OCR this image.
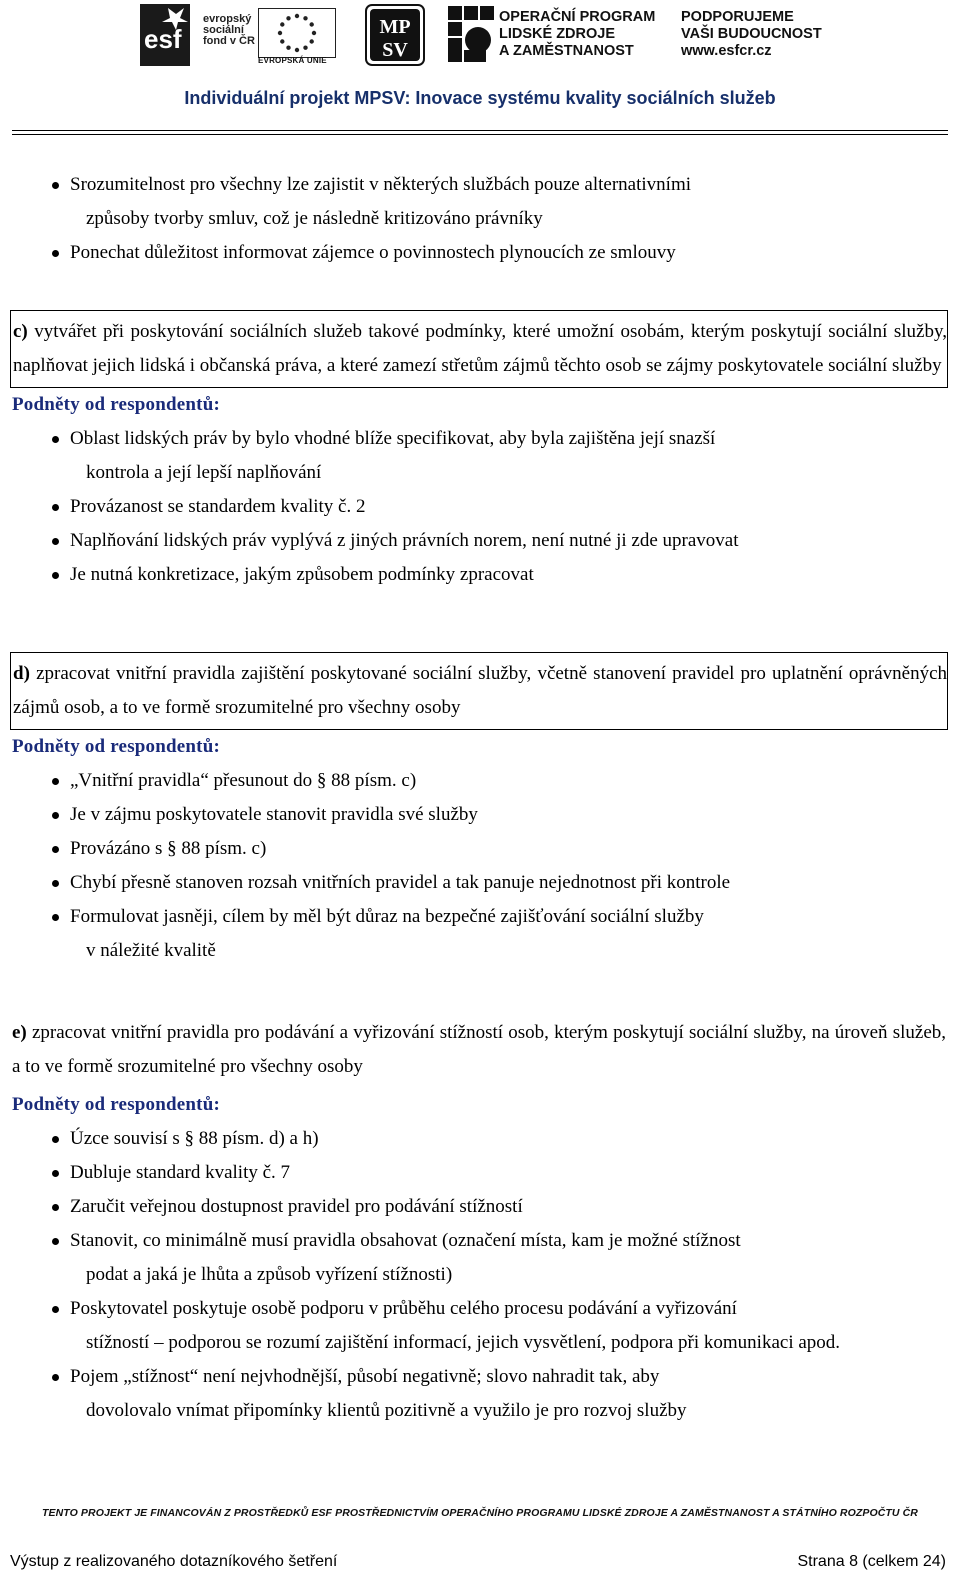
esf
evropský
sociální
fond v ČR
EVROPSKÁ UNIE
MP
SV
OPERAČNÍ PROGRAM
LIDSKÉ ZDROJE
A ZAMĚSTNANOST
PODPORUJEME
VAŠI BUDOUCNOST
www.esfcr.cz
Individuální projekt MPSV: Inovace systému kvality sociálních služeb
Srozumitelnost pro všechny lze zajistit v některých službách pouze alternativními
způsoby tvorby smluv, což je následně kritizováno právníky
Ponechat důležitost informovat zájemce o povinnostech plynoucích ze smlouvy
c) vytvářet při poskytování sociálních služeb takové podmínky, které umožní osobám, kterým poskytují sociální služby, naplňovat jejich lidská i občanská práva, a které zamezí střetům zájmů těchto osob se zájmy poskytovatele sociální služby

Podněty od respondentů:

Oblast lidských práv by bylo vhodné blíže specifikovat, aby byla zajištěna její snazší
kontrola a její lepší naplňování
Provázanost se standardem kvality č. 2
Naplňování lidských práv vyplývá z jiných právních norem, není nutné ji zde upravovat
Je nutná konkretizace, jakým způsobem podmínky zpracovat
d) zpracovat vnitřní pravidla zajištění poskytované sociální služby, včetně stanovení pravidel pro uplatnění oprávněných zájmů osob, a to ve formě srozumitelné pro všechny osoby

Podněty od respondentů:

„Vnitřní pravidla“ přesunout do § 88 písm. c)
Je v zájmu poskytovatele stanovit pravidla své služby
Provázáno s § 88 písm. c)
Chybí přesně stanoven rozsah vnitřních pravidel a tak panuje nejednotnost při kontrole
Formulovat jasněji, cílem by měl být důraz na bezpečné zajišťování sociální služby
v náležité kvalitě
e) zpracovat vnitřní pravidla pro podávání a vyřizování stížností osob, kterým poskytují sociální služby, na úroveň služeb, a to ve formě srozumitelné pro všechny osoby

Podněty od respondentů:

Úzce souvisí s § 88 písm. d) a h)
Dubluje standard kvality č. 7
Zaručit veřejnou dostupnost pravidel pro podávání stížností
Stanovit, co minimálně musí pravidla obsahovat (označení místa, kam je možné stížnost
podat a jaká je lhůta a způsob vyřízení stížnosti)
Poskytovatel poskytuje osobě podporu v průběhu celého procesu podávání a vyřizování
stížností – podporou se rozumí zajištění informací, jejich vysvětlení, podpora při komunikaci apod.
Pojem „stížnost“ není nejvhodnější, působí negativně; slovo nahradit tak, aby
dovolovalo vnímat připomínky klientů pozitivně a využilo je pro rozvoj služby
TENTO PROJEKT JE FINANCOVÁN Z PROSTŘEDKŮ ESF PROSTŘEDNICTVÍM OPERAČNÍHO PROGRAMU LIDSKÉ ZDROJE A ZAMĚSTNANOST A STÁTNÍHO ROZPOČTU ČR
Výstup z realizovaného dotazníkového šetření	Strana 8 (celkem 24)
